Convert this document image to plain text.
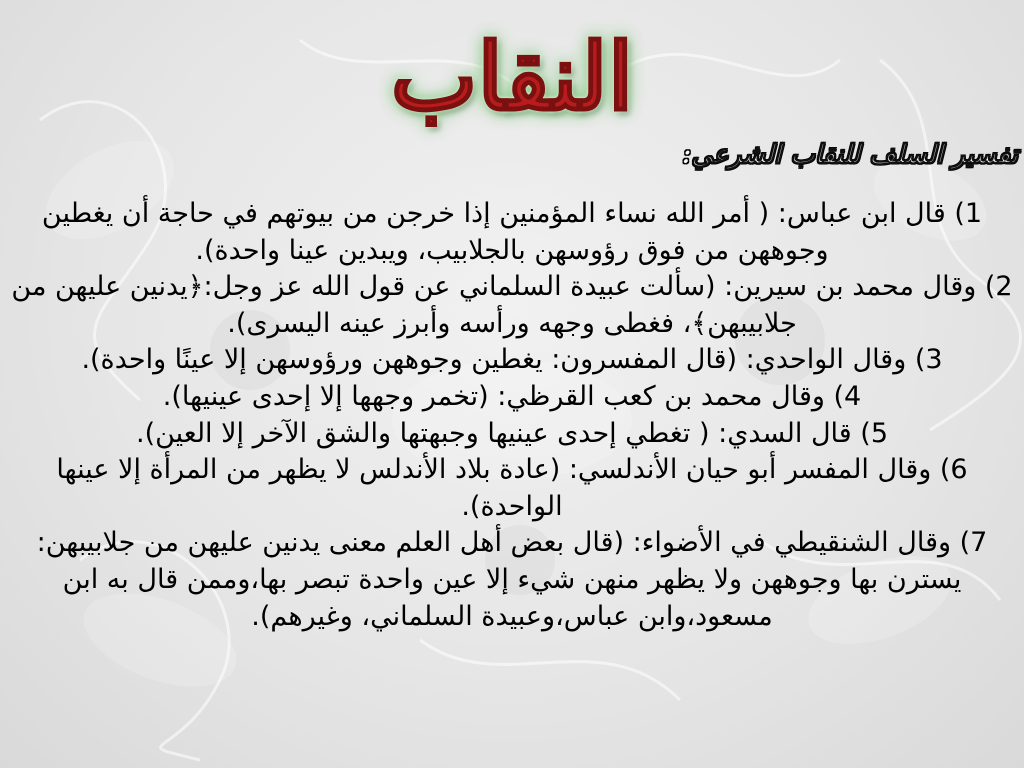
النقاب
تفسير السلف للنقاب الشرعي:

1) قال ابن عباس: ( أمر الله نساء المؤمنين إذا خرجن من بيوتهم في حاجة أن يغطين وجوههن من فوق رؤوسهن بالجلابيب، ويبدين عينا واحدة).

2) وقال محمد بن سيرين: (سألت عبيدة السلماني عن قول الله عز وجل:﴿يدنين عليهن من جلابيبهن﴾، فغطى وجهه ورأسه وأبرز عينه اليسرى).

3) وقال الواحدي: (قال المفسرون: يغطين وجوههن ورؤوسهن إلا عينًا واحدة).

4) وقال محمد بن كعب القرظي: (تخمر وجهها إلا إحدى عينيها).

5) قال السدي: ( تغطي إحدى عينيها وجبهتها والشق الآخر إلا العين).

6) وقال المفسر أبو حيان الأندلسي: (عادة بلاد الأندلس لا يظهر من المرأة إلا عينها الواحدة).

7) وقال الشنقيطي في الأضواء: (قال بعض أهل العلم معنى يدنين عليهن من جلابيبهن: يسترن بها وجوههن ولا يظهر منهن شيء إلا عين واحدة تبصر بها،وممن قال به ابن مسعود،وابن عباس،وعبيدة السلماني، وغيرهم).
